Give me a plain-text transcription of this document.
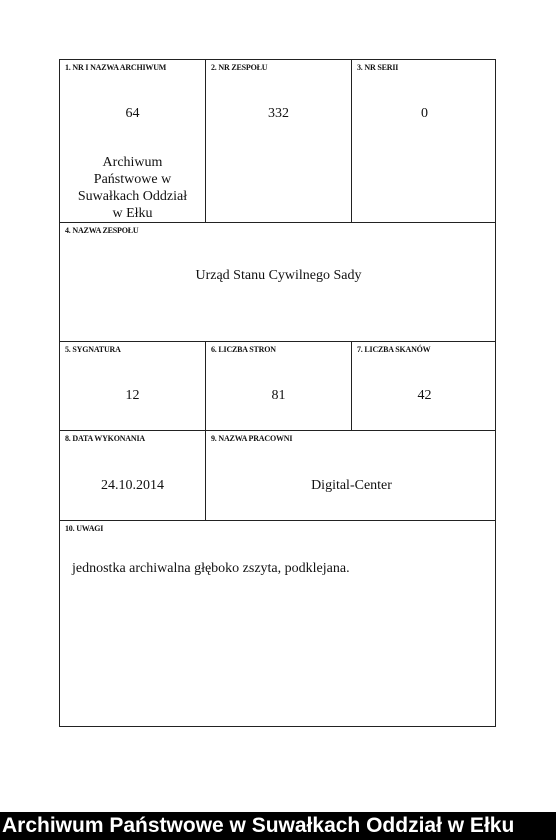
1. NR I NAZWA ARCHIWUM
64
Archiwum
Państwowe w
Suwałkach Oddział
w Ełku
2. NR ZESPOŁU
332
3. NR SERII
0
4. NAZWA ZESPOŁU
Urząd Stanu Cywilnego Sady
5. SYGNATURA
12
6. LICZBA STRON
81
7. LICZBA SKANÓW
42
8. DATA WYKONANIA
24.10.2014
9. NAZWA PRACOWNI
Digital-Center
10. UWAGI
jednostka archiwalna głęboko zszyta, podklejana.
Archiwum Państwowe w Suwałkach Oddział w Ełku
